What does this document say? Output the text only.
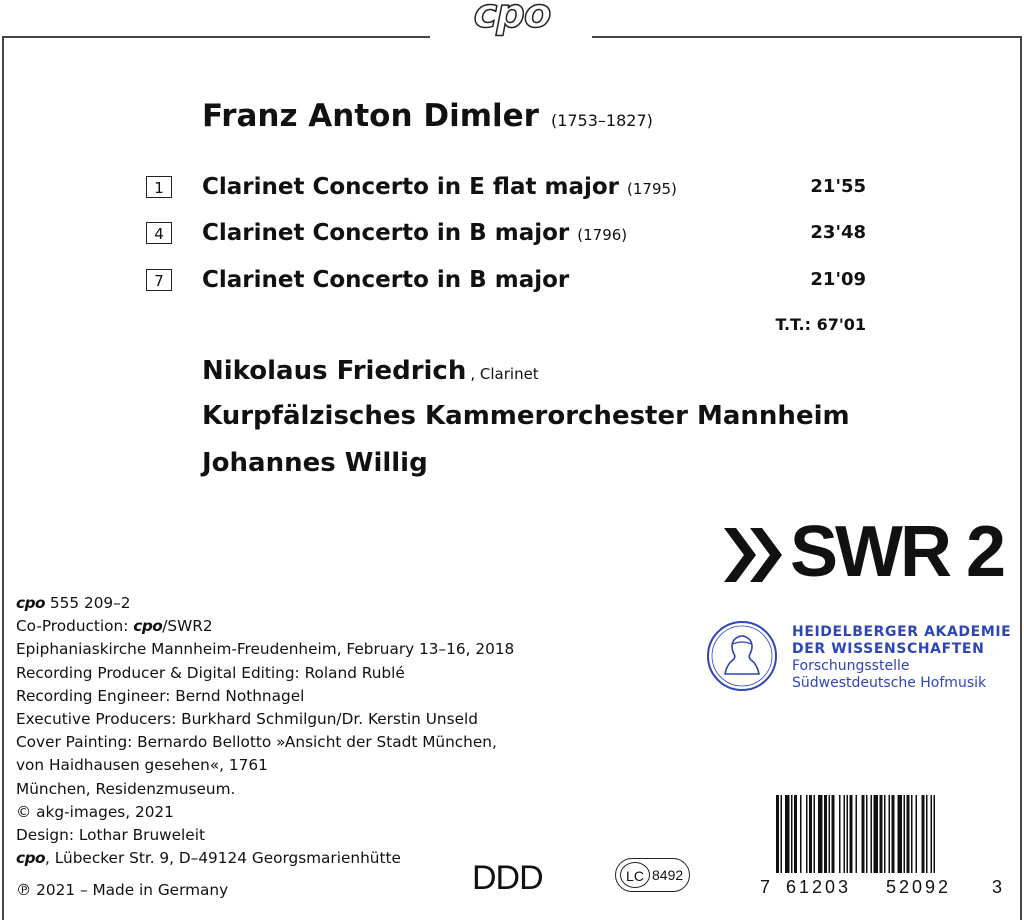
cpo
Franz Anton Dimler (1753–1827)
1	Clarinet Concerto in E flat major (1795)	21'55
4	Clarinet Concerto in B major (1796)	23'48
7	Clarinet Concerto in B major	21'09
T.T.: 67'01
Nikolaus Friedrich , Clarinet
Kurpfälzisches Kammerorchester Mannheim
Johannes Willig
SWR 2
HEIDELBERGER AKADEMIE
DER WISSENSCHAFTEN
Forschungsstelle
Südwestdeutsche Hofmusik
cpo 555 209–2
Co-Production: cpo/SWR2
Epiphaniaskirche Mannheim-Freudenheim, February 13–16, 2018
Recording Producer & Digital Editing: Roland Rublé
Recording Engineer: Bernd Nothnagel
Executive Producers: Burkhard Schmilgun/Dr. Kerstin Unseld
Cover Painting: Bernardo Bellotto »Ansicht der Stadt München,
von Haidhausen gesehen«, 1761
München, Residenzmuseum.
© akg-images, 2021
Design: Lothar Bruweleit
cpo, Lübecker Str. 9, D–49124 Georgsmarienhütte
℗ 2021 – Made in Germany	DDD	LC 8492
7 61203 52092 3
